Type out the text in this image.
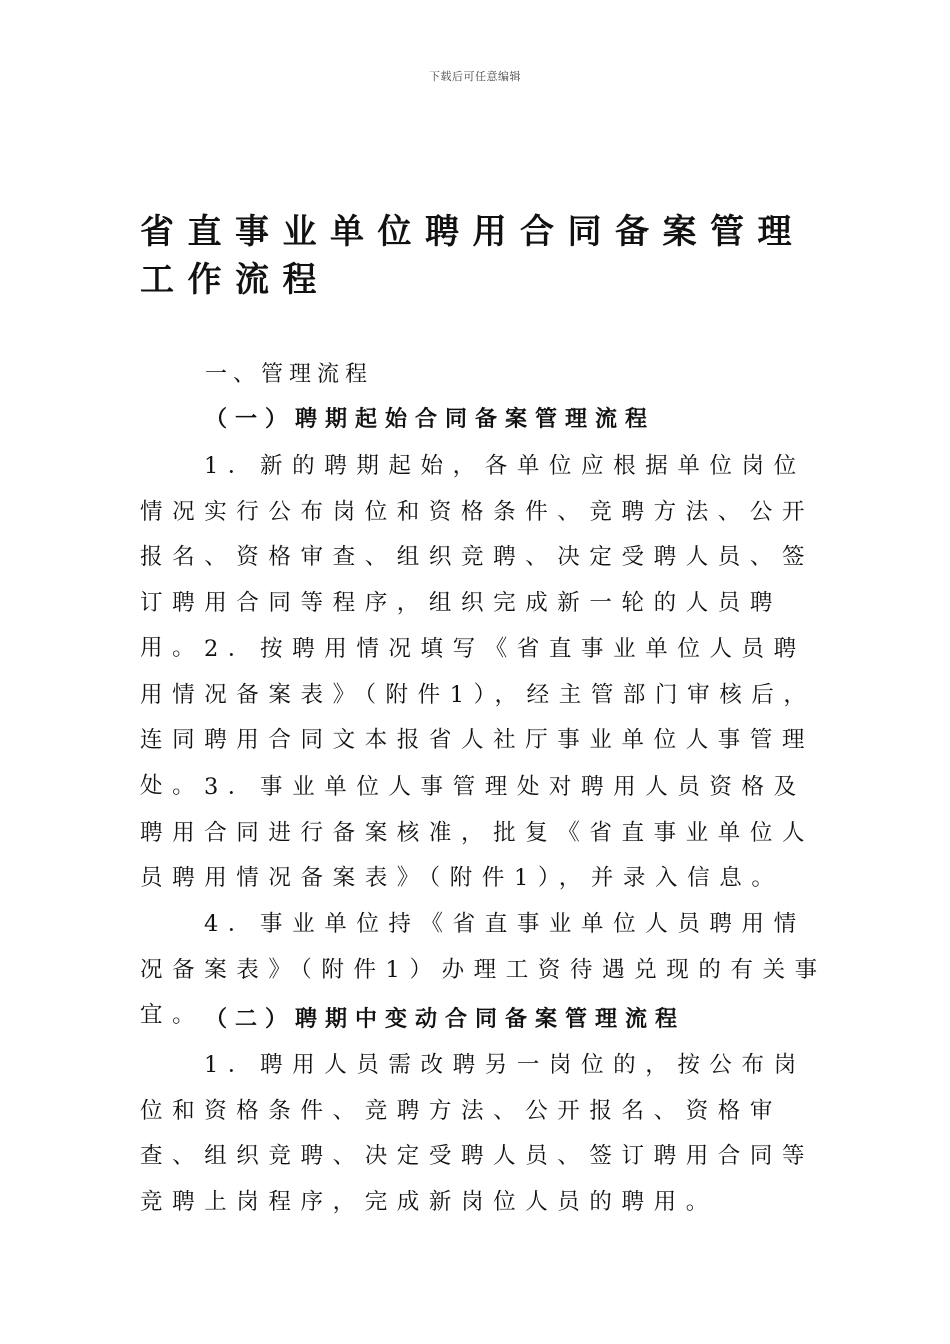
下载后可任意编辑
省直事业单位聘用合同备案管理工作流程
一、管理流程
（一）聘期起始合同备案管理流程

1．新的聘期起始，各单位应根据单位岗位情况实行公布岗位和资格条件、竞聘方法、公开报名、资格审查、组织竞聘、决定受聘人员、签订聘用合同等程序，组织完成新一轮的人员聘用。 2．按聘用情况填写《省直事业单位人员聘用情况备案表》（附件1），经主管部门审核后，连同聘用合同文本报省人社厅事业单位人事管理处。 3．事业单位人事管理处对聘用人员资格及聘用合同进行备案核准，批复《省直事业单位人员聘用情况备案表》（附件1），并录入信息。

4．事业单位持《省直事业单位人员聘用情况备案表》（附件1）办理工资待遇兑现的有关事宜。 （二）聘期中变动合同备案管理流程

1．聘用人员需改聘另一岗位的，按公布岗位和资格条件、竞聘方法、公开报名、资格审查、组织竞聘、决定受聘人员、签订聘用合同等竞聘上岗程序，完成新岗位人员的聘用。
